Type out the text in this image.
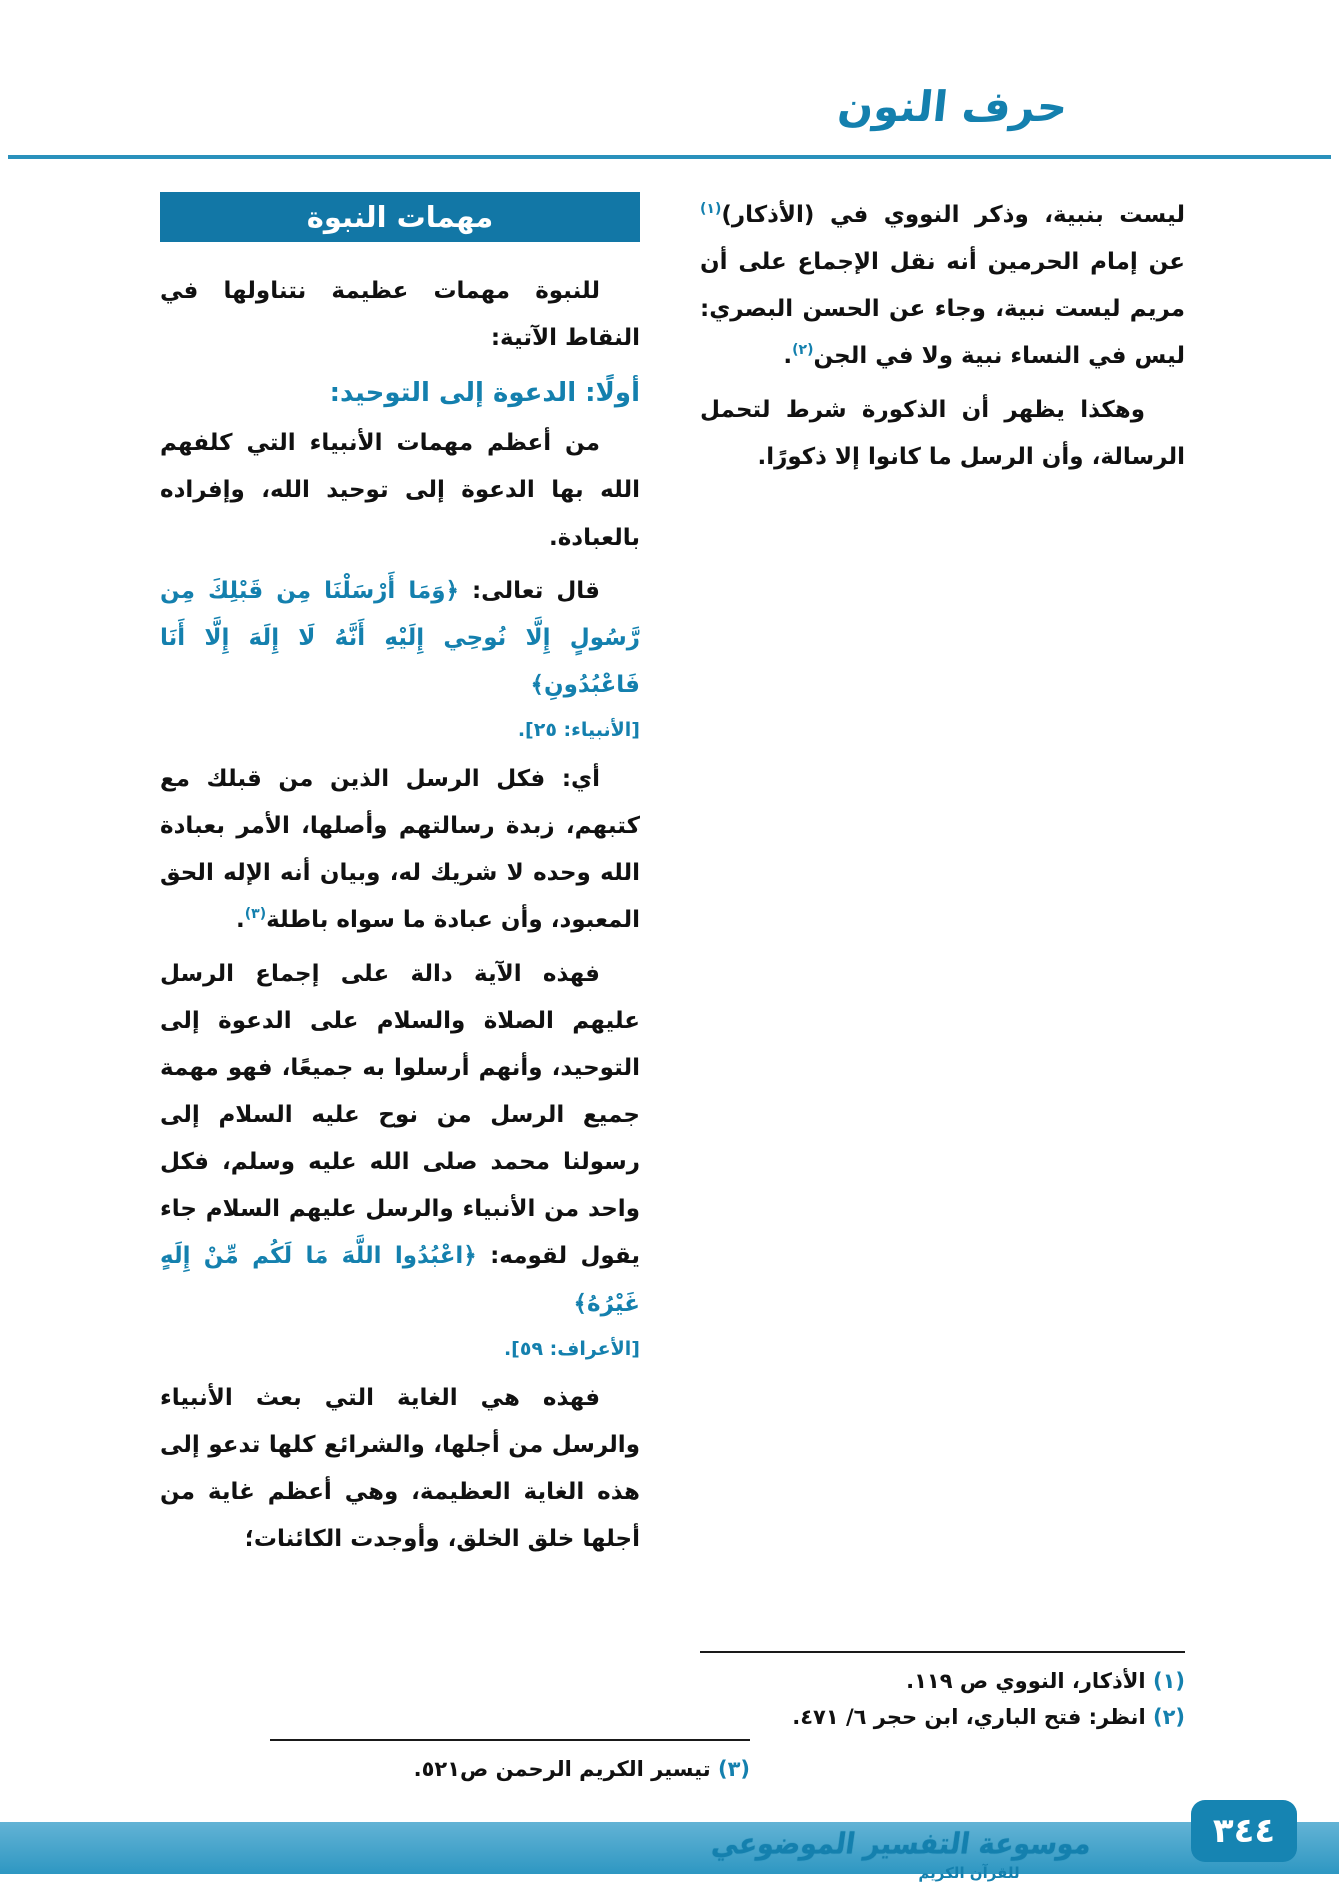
حرف النون

ليست بنبية، وذكر النووي في (الأذكار)$^{(١)}$ عن إمام الحرمين أنه نقل الإجماع على أن مريم ليست نبية، وجاء عن الحسن البصري: ليس في النساء نبية ولا في الجن$^{(٢)}$.

وهكذا يظهر أن الذكورة شرط لتحمل الرسالة، وأن الرسل ما كانوا إلا ذكورًا.

(١) الأذكار، النووي ص ١١٩.

(٢) انظر: فتح الباري، ابن حجر ٦/ ٤٧١.

مهمات النبوة

للنبوة مهمات عظيمة نتناولها في النقاط الآتية:

أولًا: الدعوة إلى التوحيد:

من أعظم مهمات الأنبياء التي كلفهم الله بها الدعوة إلى توحيد الله، وإفراده بالعبادة.

قال تعالى: ﴿وَمَا أَرْسَلْنَا مِن قَبْلِكَ مِن رَّسُولٍ إِلَّا نُوحِي إِلَيْهِ أَنَّهُ لَا إِلَهَ إِلَّا أَنَا فَاعْبُدُونِ﴾
[الأنبياء: ٢٥].

أي: فكل الرسل الذين من قبلك مع كتبهم، زبدة رسالتهم وأصلها، الأمر بعبادة الله وحده لا شريك له، وبيان أنه الإله الحق المعبود، وأن عبادة ما سواه باطلة$^{(٣)}$.

فهذه الآية دالة على إجماع الرسل عليهم الصلاة والسلام على الدعوة إلى التوحيد، وأنهم أرسلوا به جميعًا، فهو مهمة جميع الرسل من نوح عليه السلام إلى رسولنا محمد صلى الله عليه وسلم، فكل واحد من الأنبياء والرسل عليهم السلام جاء يقول لقومه: ﴿اعْبُدُوا اللَّهَ مَا لَكُم مِّنْ إِلَهٍ غَيْرُهُ﴾
[الأعراف: ٥٩].

فهذه هي الغاية التي بعث الأنبياء والرسل من أجلها، والشرائع كلها تدعو إلى هذه الغاية العظيمة، وهي أعظم غاية من أجلها خلق الخلق، وأوجدت الكائنات؛

(٣) تيسير الكريم الرحمن ص٥٢١.

موسوعة التفسير الموضوعي
للقرآن الكريم
٣٤٤
